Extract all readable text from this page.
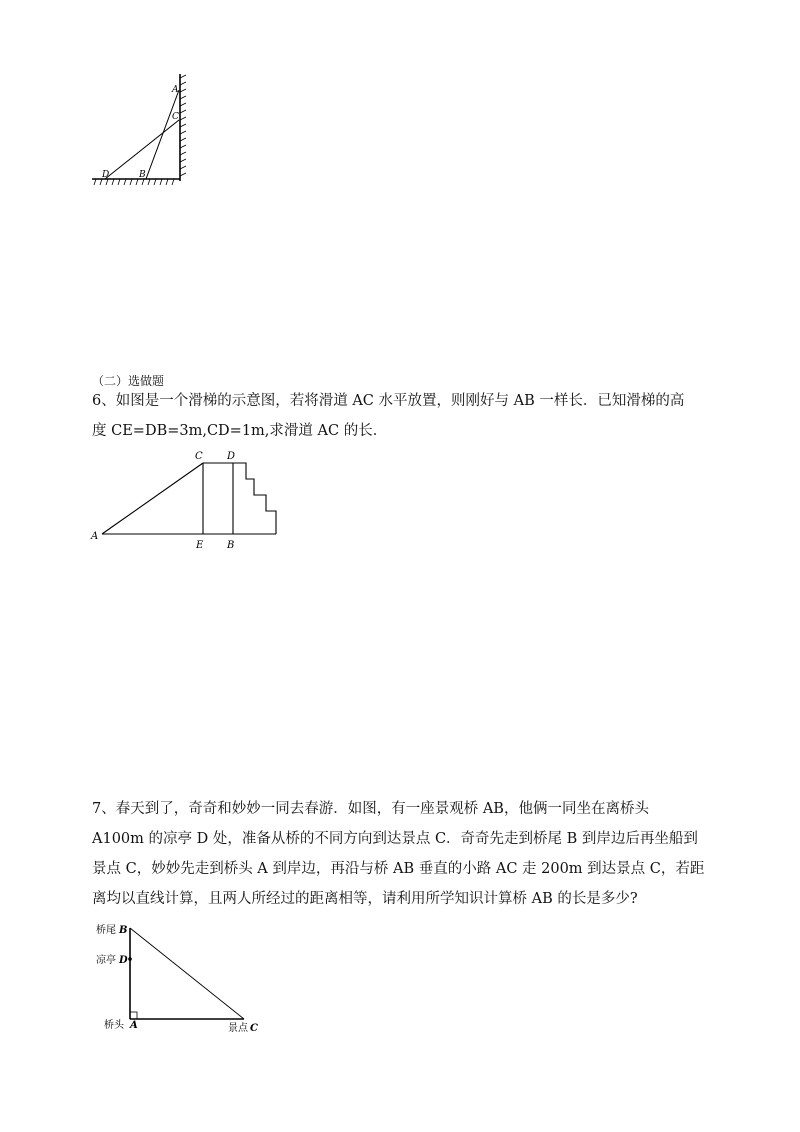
A
C
D	B
（二）选做题
6、如图是一个滑梯的示意图，若将滑道 AC 水平放置，则刚好与 AB 一样长．已知滑梯的高
度 CE=DB=3m,CD=1m,求滑道 AC 的长．
A
C D
E B
7、春天到了，奇奇和妙妙一同去春游．如图，有一座景观桥 AB，他俩一同坐在离桥头
A100m 的凉亭 D 处，准备从桥的不同方向到达景点 C．奇奇先走到桥尾 B 到岸边后再坐船到
景点 C，妙妙先走到桥头 A 到岸边，再沿与桥 AB 垂直的小路 AC 走 200m 到达景点 C，若距
离均以直线计算，且两人所经过的距离相等，请利用所学知识计算桥 AB 的长是多少?
桥尾 B
凉亭 D
桥头 A	景点 C
